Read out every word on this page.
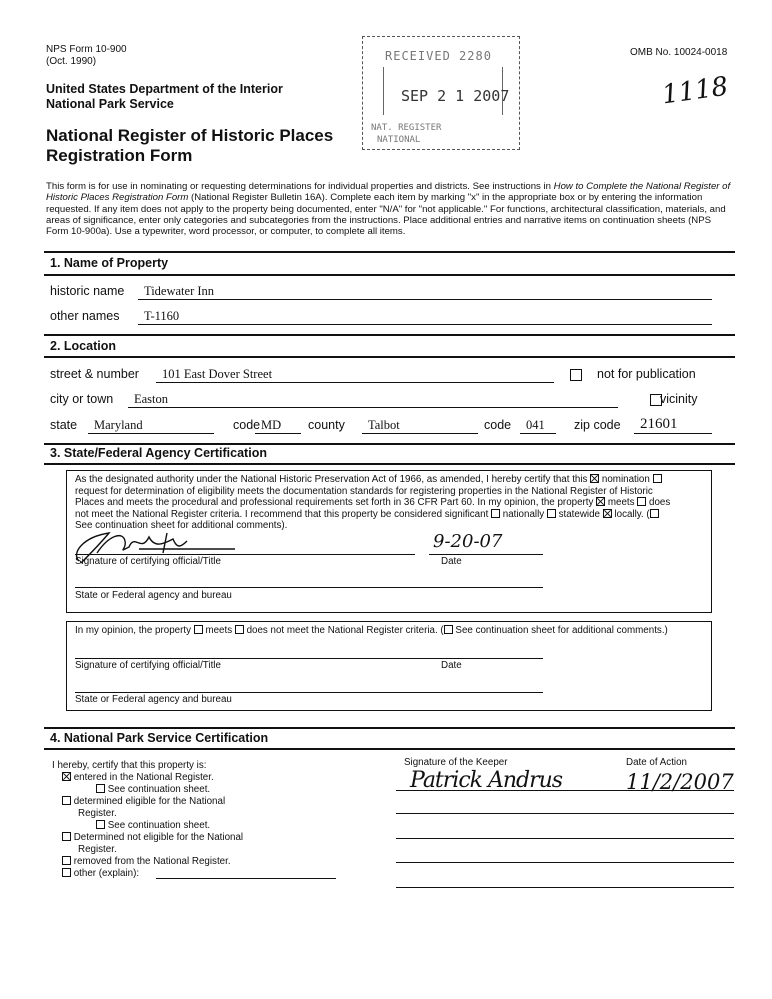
NPS Form 10-900
(Oct. 1990)
OMB No. 10024-0018
United States Department of the Interior
National Park Service
National Register of Historic Places
Registration Form
1118
RECEIVED 2280
SEP 2 1 2007
NAT. REGISTER
NATIONAL
This form is for use in nominating or requesting determinations for individual properties and districts. See instructions in How to Complete the National Register of Historic Places Registration Form (National Register Bulletin 16A). Complete each item by marking "x" in the appropriate box or by entering the information requested. If any item does not apply to the property being documented, enter "N/A" for "not applicable." For functions, architectural classification, materials, and areas of significance, enter only categories and subcategories from the instructions. Place additional entries and narrative items on continuation sheets (NPS Form 10-900a). Use a typewriter, word processor, or computer, to complete all items.
1. Name of Property
historic name	Tidewater Inn
other names	T-1160
2. Location
street & number	101 East Dover Street
	not for publication
city or town	Easton	vicinity
state	Maryland	code MD	county	Talbot	code	041	zip code	21601
3. State/Federal Agency Certification
As the designated authority under the National Historic Preservation Act of 1966, as amended, I hereby certify that this  nomination
request for determination of eligibility meets the documentation standards for registering properties in the National Register of Historic
Places and meets the procedural and professional requirements set forth in 36 CFR Part 60. In my opinion, the property  meets  does
not meet the National Register criteria. I recommend that this property be considered significant  nationally  statewide  locally. (
See continuation sheet for additional comments).
Signature of certifying official/Title
9-20-07
Date
State or Federal agency and bureau
In my opinion, the property  meets  does not meet the National Register criteria. ( See continuation sheet for additional comments.)
Signature of certifying official/Title	Date
State or Federal agency and bureau
4. National Park Service Certification
I hereby, certify that this property is:
entered in the National Register.
See continuation sheet.
determined eligible for the National
Register.
See continuation sheet.
Determined not eligible for the National
Register.
removed from the National Register.
other (explain):
Signature of the Keeper	Date of Action
Patrick Andrus	11/2/2007
